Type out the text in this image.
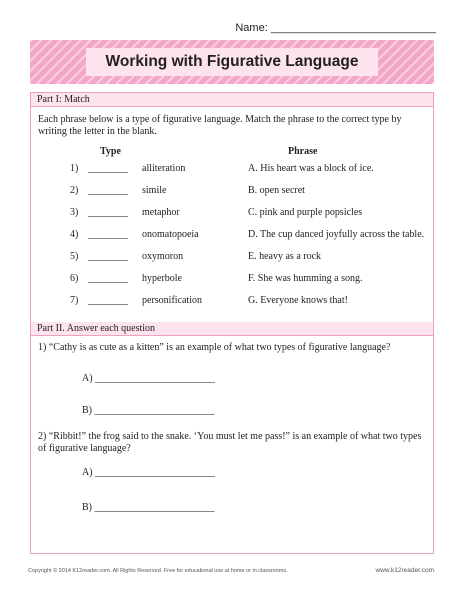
Name: ___________________________
Working with Figurative Language
Part I: Match
Each phrase below is a type of figurative language. Match the phrase to the correct type by writing the letter in the blank.
Type	Phrase
1) ________ alliteration	A. His heart was a block of ice.
2) ________ simile	B. open secret
3) ________ metaphor	C. pink and purple popsicles
4) ________ onomatopoeia	D. The cup danced joyfully across the table.
5) ________ oxymoron	E. heavy as a rock
6) ________ hyperbole	F. She was humming a song.
7) ________ personification	G. Everyone knows that!
Part II. Answer each question
1) “Cathy is as cute as a kitten” is an example of what two types of figurative language?
A) ________________________
B) ________________________
2) “Ribbit!” the frog said to the snake. ‘You must let me pass!” is an example of what two types of figurative language?
A) ________________________
B) ________________________
Copyright © 2014 K12reader.com. All Rights Reserved. Free for educational use at home or in classrooms.	www.k12reader.com
